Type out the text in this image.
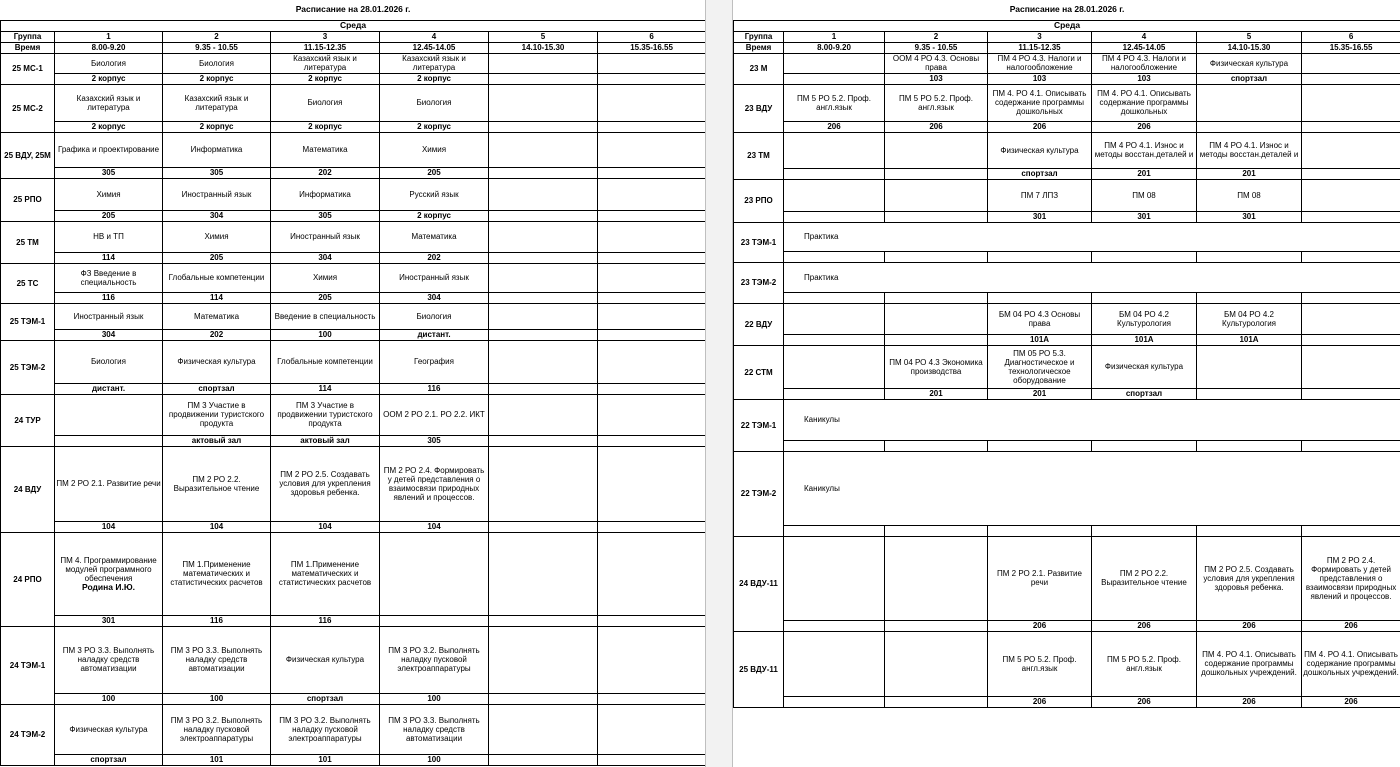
Расписание на 28.01.2026 г.						
Среда						
Группа	1	2	3	4	5	6
Время	8.00-9.20	9.35 - 10.55	11.15-12.35	12.45-14.05	14.10-15.30	15.35-16.55
25 МС-1	Биология	Биология	Казахский язык и литература	Казахский язык и литература		
	2 корпус	2 корпус	2 корпус	2 корпус		
25 МС-2	Казахский язык и литература	Казахский язык и литература	Биология	Биология		
	2 корпус	2 корпус	2 корпус	2 корпус		
25 ВДУ, 25М	Графика и проектирование	Информатика	Математика	Химия		
	305	305	202	205		
25 РПО	Химия	Иностранный язык	Информатика	Русский язык		
	205	304	305	2 корпус		
25 ТМ	НВ и ТП	Химия	Иностранный язык	Математика		
	114	205	304	202		
25 ТС	ФЗ Введение в специальность	Глобальные компетенции	Химия	Иностранный язык		
	116	114	205	304		
25 ТЭМ-1	Иностранный язык	Математика	Введение в специальность	Биология		
	304	202	100	дистант.		
25 ТЭМ-2	Биология	Физическая культура	Глобальные компетенции	География		
	дистант.	спортзал	114	116		
24 ТУР		ПМ 3 Участие в продвижении туристского продукта	ПМ 3 Участие в продвижении туристского продукта	ООМ 2 РО 2.1. РО 2.2. ИКТ		
		актовый зал	актовый зал	305		
24 ВДУ	ПМ 2 РО 2.1. Развитие речи	ПМ 2 РО 2.2. Выразительное чтение	ПМ 2 РО 2.5. Создавать условия для укрепления здоровья ребенка.	ПМ 2 РО 2.4. Формировать у детей представления о взаимосвязи природных явлений и процессов.		
	104	104	104	104		
24 РПО	ПМ 4. Программирование модулей программного обеспечения
Родина И.Ю.	ПМ 1.Применение математических и статистических расчетов	ПМ 1.Применение математических и статистических расчетов			
	301	116	116			
24 ТЭМ-1	ПМ 3 РО 3.3. Выполнять наладку средств автоматизации	ПМ 3 РО 3.3. Выполнять наладку средств автоматизации	Физическая культура	ПМ 3 РО 3.2. Выполнять наладку пусковой электроаппаратуры		
	100	100	спортзал	100		
24 ТЭМ-2	Физическая культура	ПМ 3 РО 3.2. Выполнять наладку пусковой электроаппаратуры	ПМ 3 РО 3.2. Выполнять наладку пусковой электроаппаратуры	ПМ 3 РО 3.3. Выполнять наладку средств автоматизации		
	спортзал	101	101	100		
Расписание на 28.01.2026 г.						
Среда						
Группа	1	2	3	4	5	6
Время	8.00-9.20	9.35 - 10.55	11.15-12.35	12.45-14.05	14.10-15.30	15.35-16.55
23 М		ООМ 4 РО 4.3. Основы права	ПМ 4 РО 4.3. Налоги и налогообложение	ПМ 4 РО 4.3. Налоги и налогообложение	Физическая культура	
		103	103	103	спортзал	
23 ВДУ	ПМ 5 РО 5.2. Проф. англ.язык	ПМ 5 РО 5.2. Проф. англ.язык	ПМ 4. РО 4.1. Описывать содержание программы дошкольных	ПМ 4. РО 4.1. Описывать содержание программы дошкольных		
	206	206	206	206		
23 ТМ			Физическая культура	ПМ 4 РО 4.1. Износ и методы восстан.деталей и	ПМ 4 РО 4.1. Износ и методы восстан.деталей и	
			спортзал	201	201	
23 РПО			ПМ 7 ЛПЗ	ПМ 08	ПМ 08	
			301	301	301	
23 ТЭМ-1	Практика					

23 ТЭМ-2	Практика					

22 ВДУ			БМ 04 РО 4.3 Основы права	БМ 04 РО 4.2 Культурология	БМ 04 РО 4.2 Культурология	
			101А	101А	101А	
22 СТМ		ПМ 04 РО 4.3 Экономика производства	ПМ 05 РО 5.3. Диагностическое и технологическое оборудование	Физическая культура		
		201	201	спортзал		
22 ТЭМ-1	Каникулы					

22 ТЭМ-2	Каникулы					

24 ВДУ-11			ПМ 2 РО 2.1. Развитие речи	ПМ 2 РО 2.2. Выразительное чтение	ПМ 2 РО 2.5. Создавать условия для укрепления здоровья ребенка.	ПМ 2 РО 2.4. Формировать у детей представления о взаимосвязи природных явлений и процессов.
			206	206	206	206
25 ВДУ-11			ПМ 5 РО 5.2. Проф. англ.язык	ПМ 5 РО 5.2. Проф. англ.язык	ПМ 4. РО 4.1. Описывать содержание программы дошкольных учреждений.	ПМ 4. РО 4.1. Описывать содержание программы дошкольных учреждений.
			206	206	206	206
